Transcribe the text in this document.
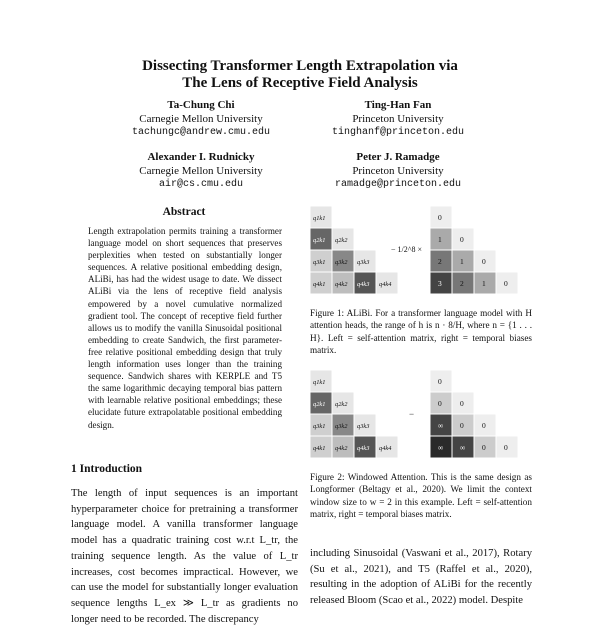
Dissecting Transformer Length Extrapolation via
The Lens of Receptive Field Analysis
Ta-Chung Chi
Carnegie Mellon University
tachungc@andrew.cmu.edu
Ting-Han Fan
Princeton University
tinghanf@princeton.edu
Alexander I. Rudnicky
Carnegie Mellon University
air@cs.cmu.edu
Peter J. Ramadge
Princeton University
ramadge@princeton.edu
Abstract
Length extrapolation permits training a transformer language model on short sequences that preserves perplexities when tested on substantially longer sequences. A relative positional embedding design, ALiBi, has had the widest usage to date. We dissect ALiBi via the lens of receptive field analysis empowered by a novel cumulative normalized gradient tool. The concept of receptive field further allows us to modify the vanilla Sinusoidal positional embedding to create Sandwich, the first parameter-free relative positional embedding design that truly length information uses longer than the training sequence. Sandwich shares with KERPLE and T5 the same logarithmic decaying temporal bias pattern with learnable relative positional embeddings; these elucidate future extrapolatable positional embedding design.
1 Introduction
The length of input sequences is an important hyperparameter choice for pretraining a transformer language model. A vanilla transformer language model has a quadratic training cost w.r.t L_tr, the training sequence length. As the value of L_tr increases, cost becomes impractical. However, we can use the model for substantially longer evaluation sequence lengths L_ex ≫ L_tr as gradients no longer need to be recorded. The discrepancy
q1k1
q2k1 q2k2
q3k1 q3k2 q3k3
q4k1 q4k2 q4k3 q4k4
0
1 0
2 1 0
3 2 1 0
− 1/2^8 ×
Figure 1: ALiBi. For a transformer language model with H attention heads, the range of h is n · 8/H, where n = {1 . . . H}. Left = self-attention matrix, right = temporal biases matrix.
q1k1
q2k1 q2k2
q3k1 q3k2 q3k3
q4k1 q4k2 q4k3 q4k4
0
0 0
∞ 0 0
∞ ∞ 0 0
−
Figure 2: Windowed Attention. This is the same design as Longformer (Beltagy et al., 2020). We limit the context window size to w = 2 in this example. Left = self-attention matrix, right = temporal biases matrix.
including Sinusoidal (Vaswani et al., 2017), Rotary (Su et al., 2021), and T5 (Raffel et al., 2020), resulting in the adoption of ALiBi for the recently released Bloom (Scao et al., 2022) model. Despite
